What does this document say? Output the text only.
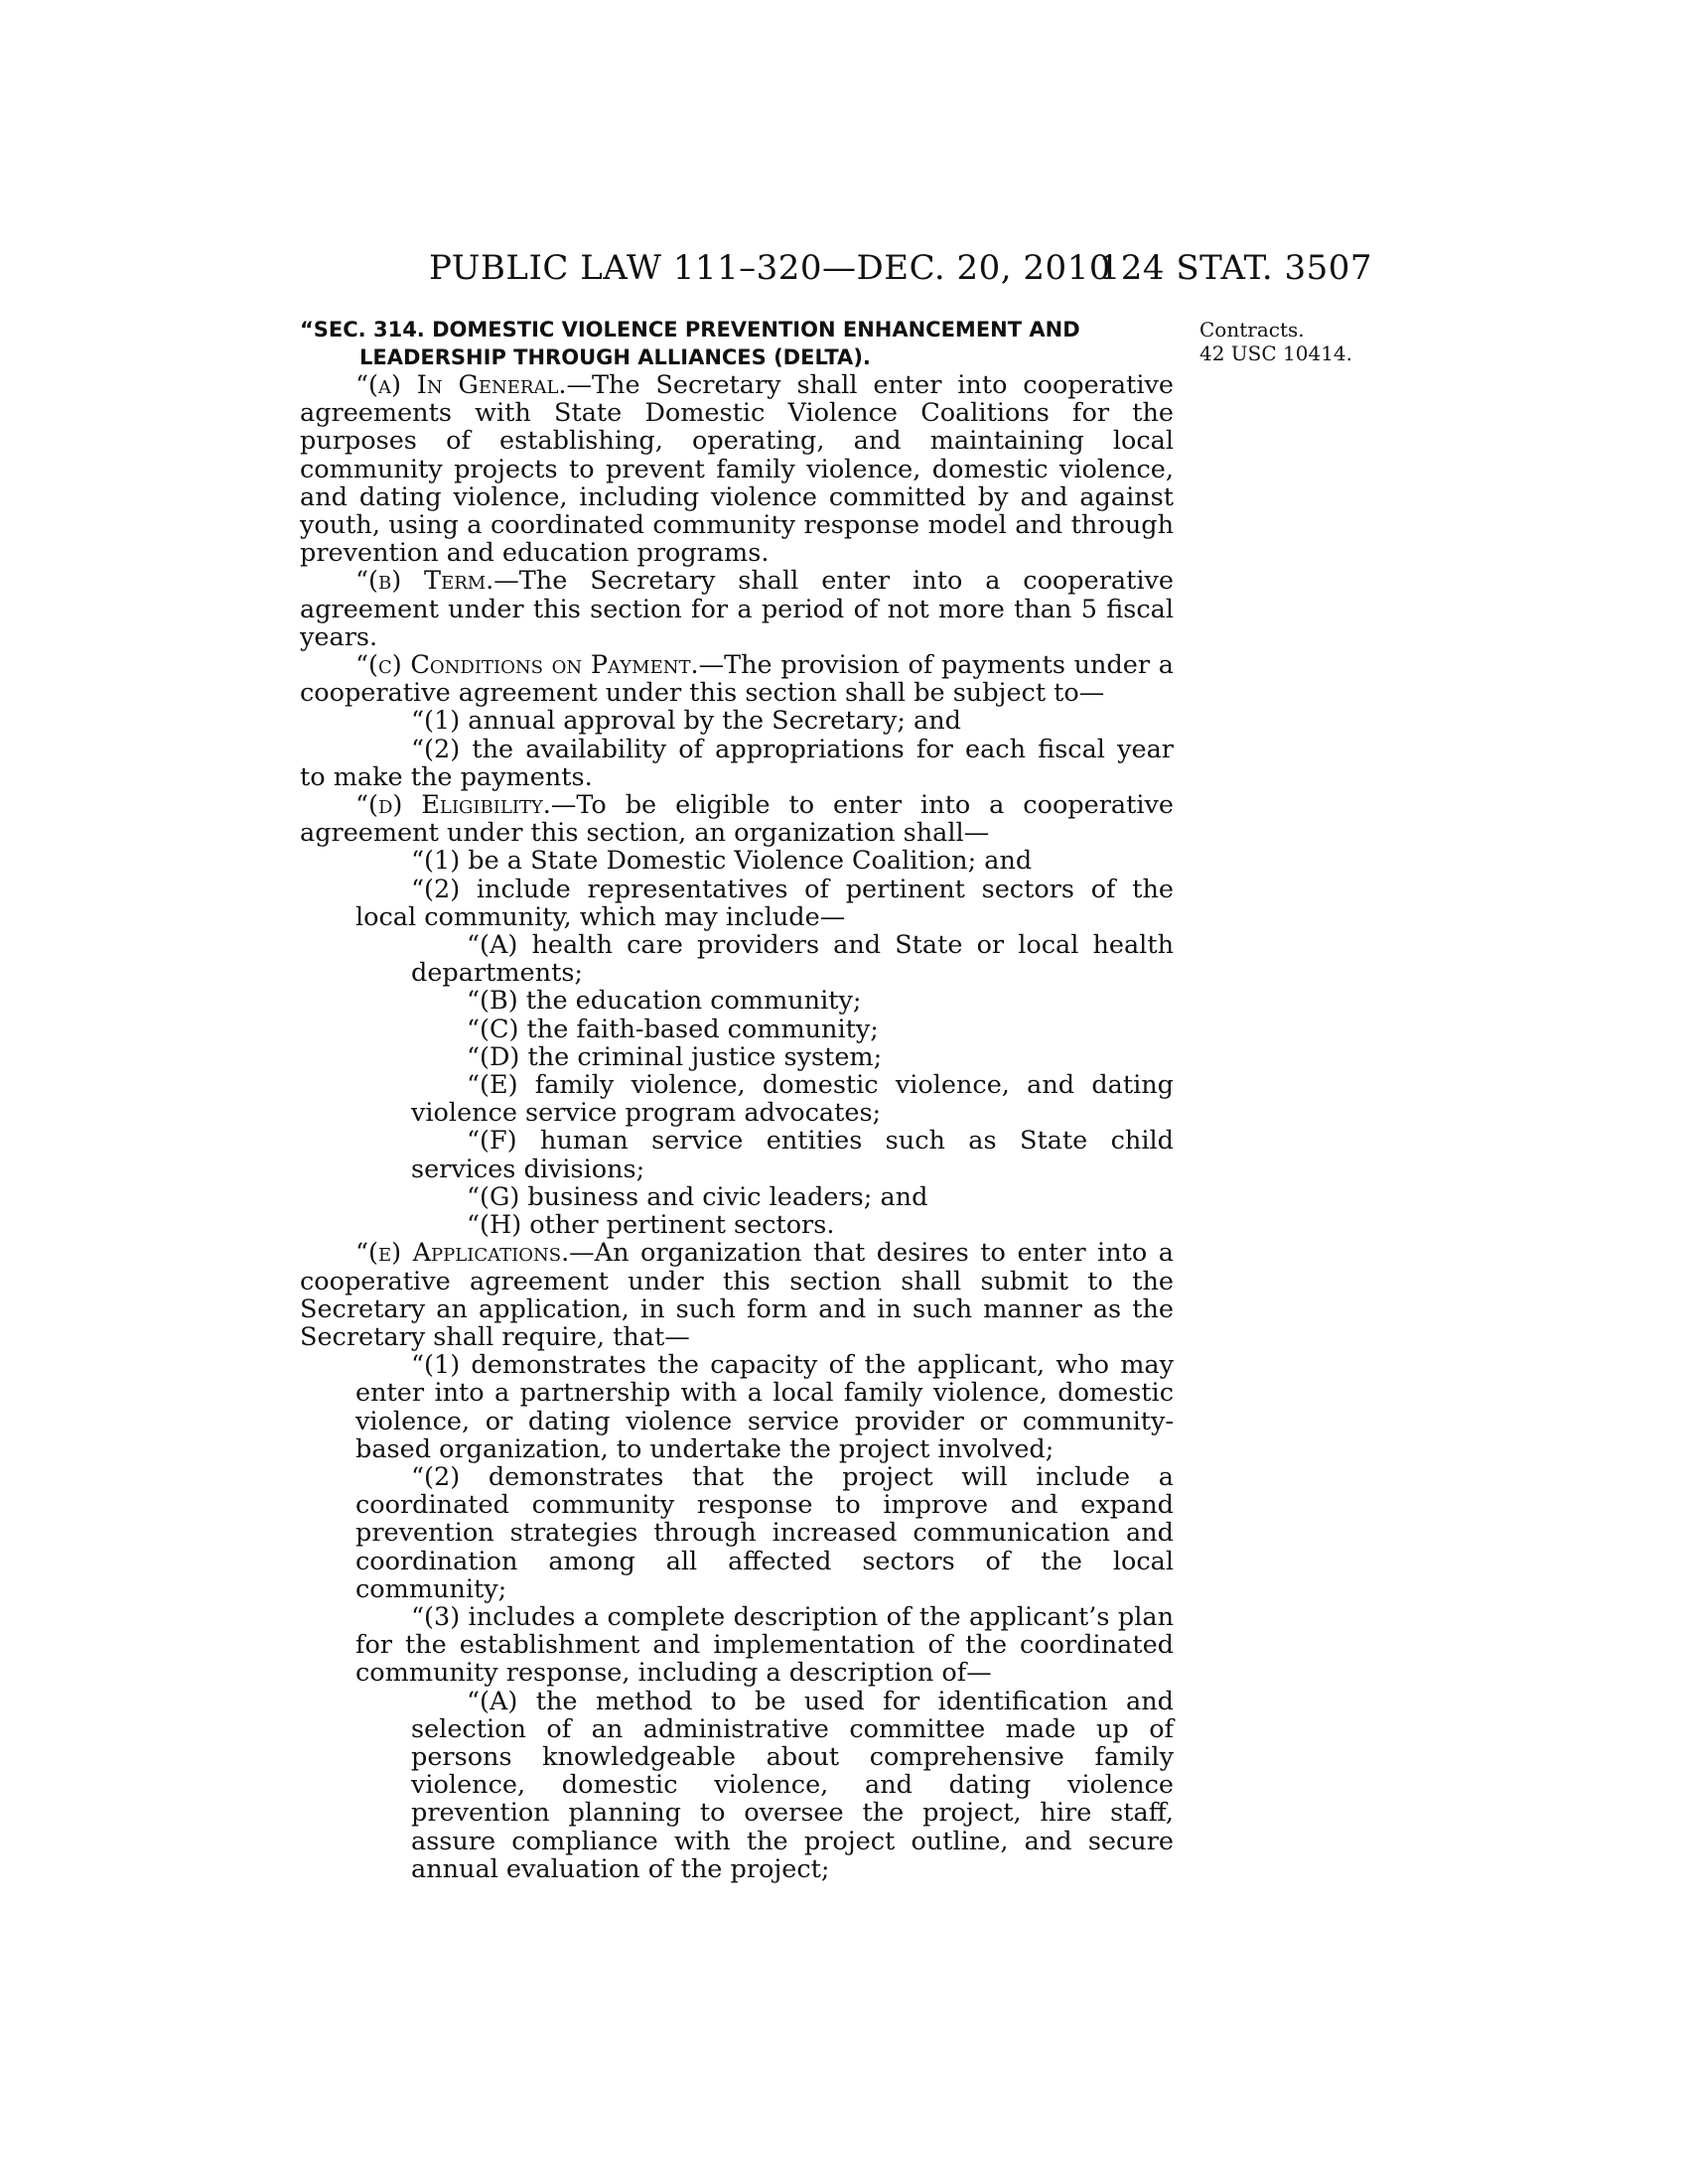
PUBLIC LAW 111–320—DEC. 20, 2010
124 STAT. 3507
Contracts.
42 USC 10414.
“SEC. 314. DOMESTIC VIOLENCE PREVENTION ENHANCEMENT AND LEADERSHIP THROUGH ALLIANCES (DELTA).

“(a) In General.—The Secretary shall enter into cooperative agreements with State Domestic Violence Coalitions for the purposes of establishing, operating, and maintaining local community projects to prevent family violence, domestic violence, and dating violence, including violence committed by and against youth, using a coordinated community response model and through prevention and education programs.

“(b) Term.—The Secretary shall enter into a cooperative agreement under this section for a period of not more than 5 fiscal years.

“(c) Conditions on Payment.—The provision of payments under a cooperative agreement under this section shall be subject to—

“(1) annual approval by the Secretary; and

“(2) the availability of appropriations for each fiscal year to make the payments.

“(d) Eligibility.—To be eligible to enter into a cooperative agreement under this section, an organization shall—

“(1) be a State Domestic Violence Coalition; and

“(2) include representatives of pertinent sectors of the local community, which may include—

“(A) health care providers and State or local health departments;

“(B) the education community;

“(C) the faith-based community;

“(D) the criminal justice system;

“(E) family violence, domestic violence, and dating violence service program advocates;

“(F) human service entities such as State child services divisions;

“(G) business and civic leaders; and

“(H) other pertinent sectors.

“(e) Applications.—An organization that desires to enter into a cooperative agreement under this section shall submit to the Secretary an application, in such form and in such manner as the Secretary shall require, that—

“(1) demonstrates the capacity of the applicant, who may enter into a partnership with a local family violence, domestic violence, or dating violence service provider or community-based organization, to undertake the project involved;

“(2) demonstrates that the project will include a coordinated community response to improve and expand prevention strategies through increased communication and coordination among all affected sectors of the local community;

“(3) includes a complete description of the applicant’s plan for the establishment and implementation of the coordinated community response, including a description of—

“(A) the method to be used for identification and selection of an administrative committee made up of persons knowledgeable about comprehensive family violence, domestic violence, and dating violence prevention planning to oversee the project, hire staff, assure compliance with the project outline, and secure annual evaluation of the project;
